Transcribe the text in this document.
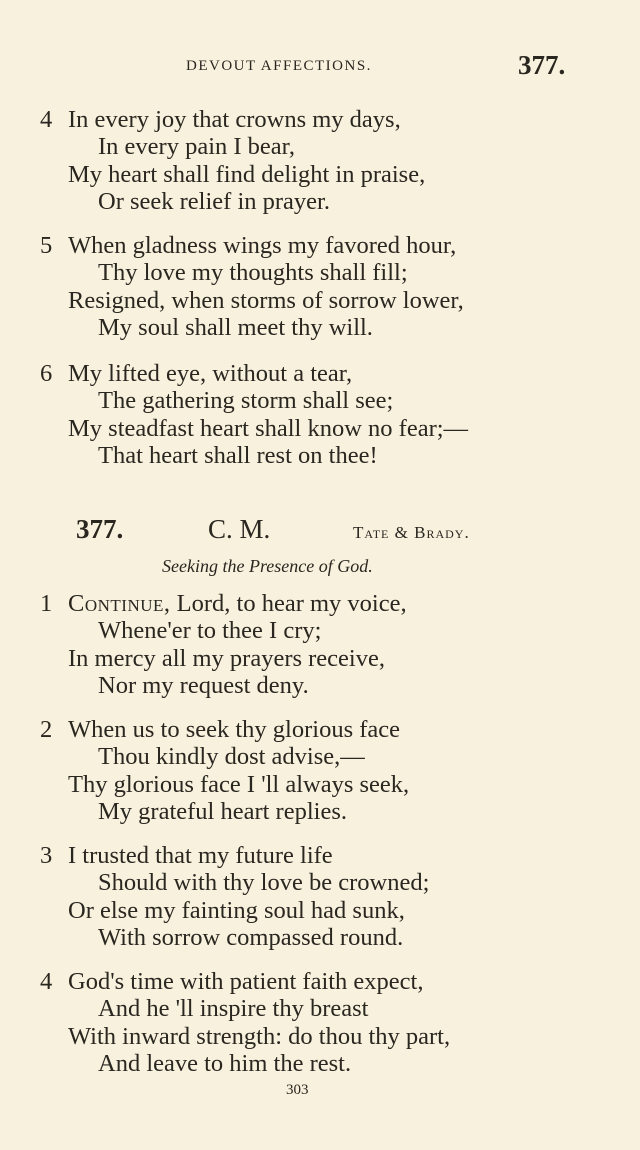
DEVOUT AFFECTIONS.	377.
4 In every joy that crowns my days,
In every pain I bear,
My heart shall find delight in praise,
Or seek relief in prayer.
5 When gladness wings my favored hour,
Thy love my thoughts shall fill;
Resigned, when storms of sorrow lower,
My soul shall meet thy will.
6 My lifted eye, without a tear,
The gathering storm shall see;
My steadfast heart shall know no fear;—
That heart shall rest on thee!
377.	C. M.	Tate & Brady.
Seeking the Presence of God.
1 Continue, Lord, to hear my voice,
Whene'er to thee I cry;
In mercy all my prayers receive,
Nor my request deny.
2 When us to seek thy glorious face
Thou kindly dost advise,—
Thy glorious face I 'll always seek,
My grateful heart replies.
3 I trusted that my future life
Should with thy love be crowned;
Or else my fainting soul had sunk,
With sorrow compassed round.
4 God's time with patient faith expect,
And he 'll inspire thy breast
With inward strength: do thou thy part,
And leave to him the rest.
303
